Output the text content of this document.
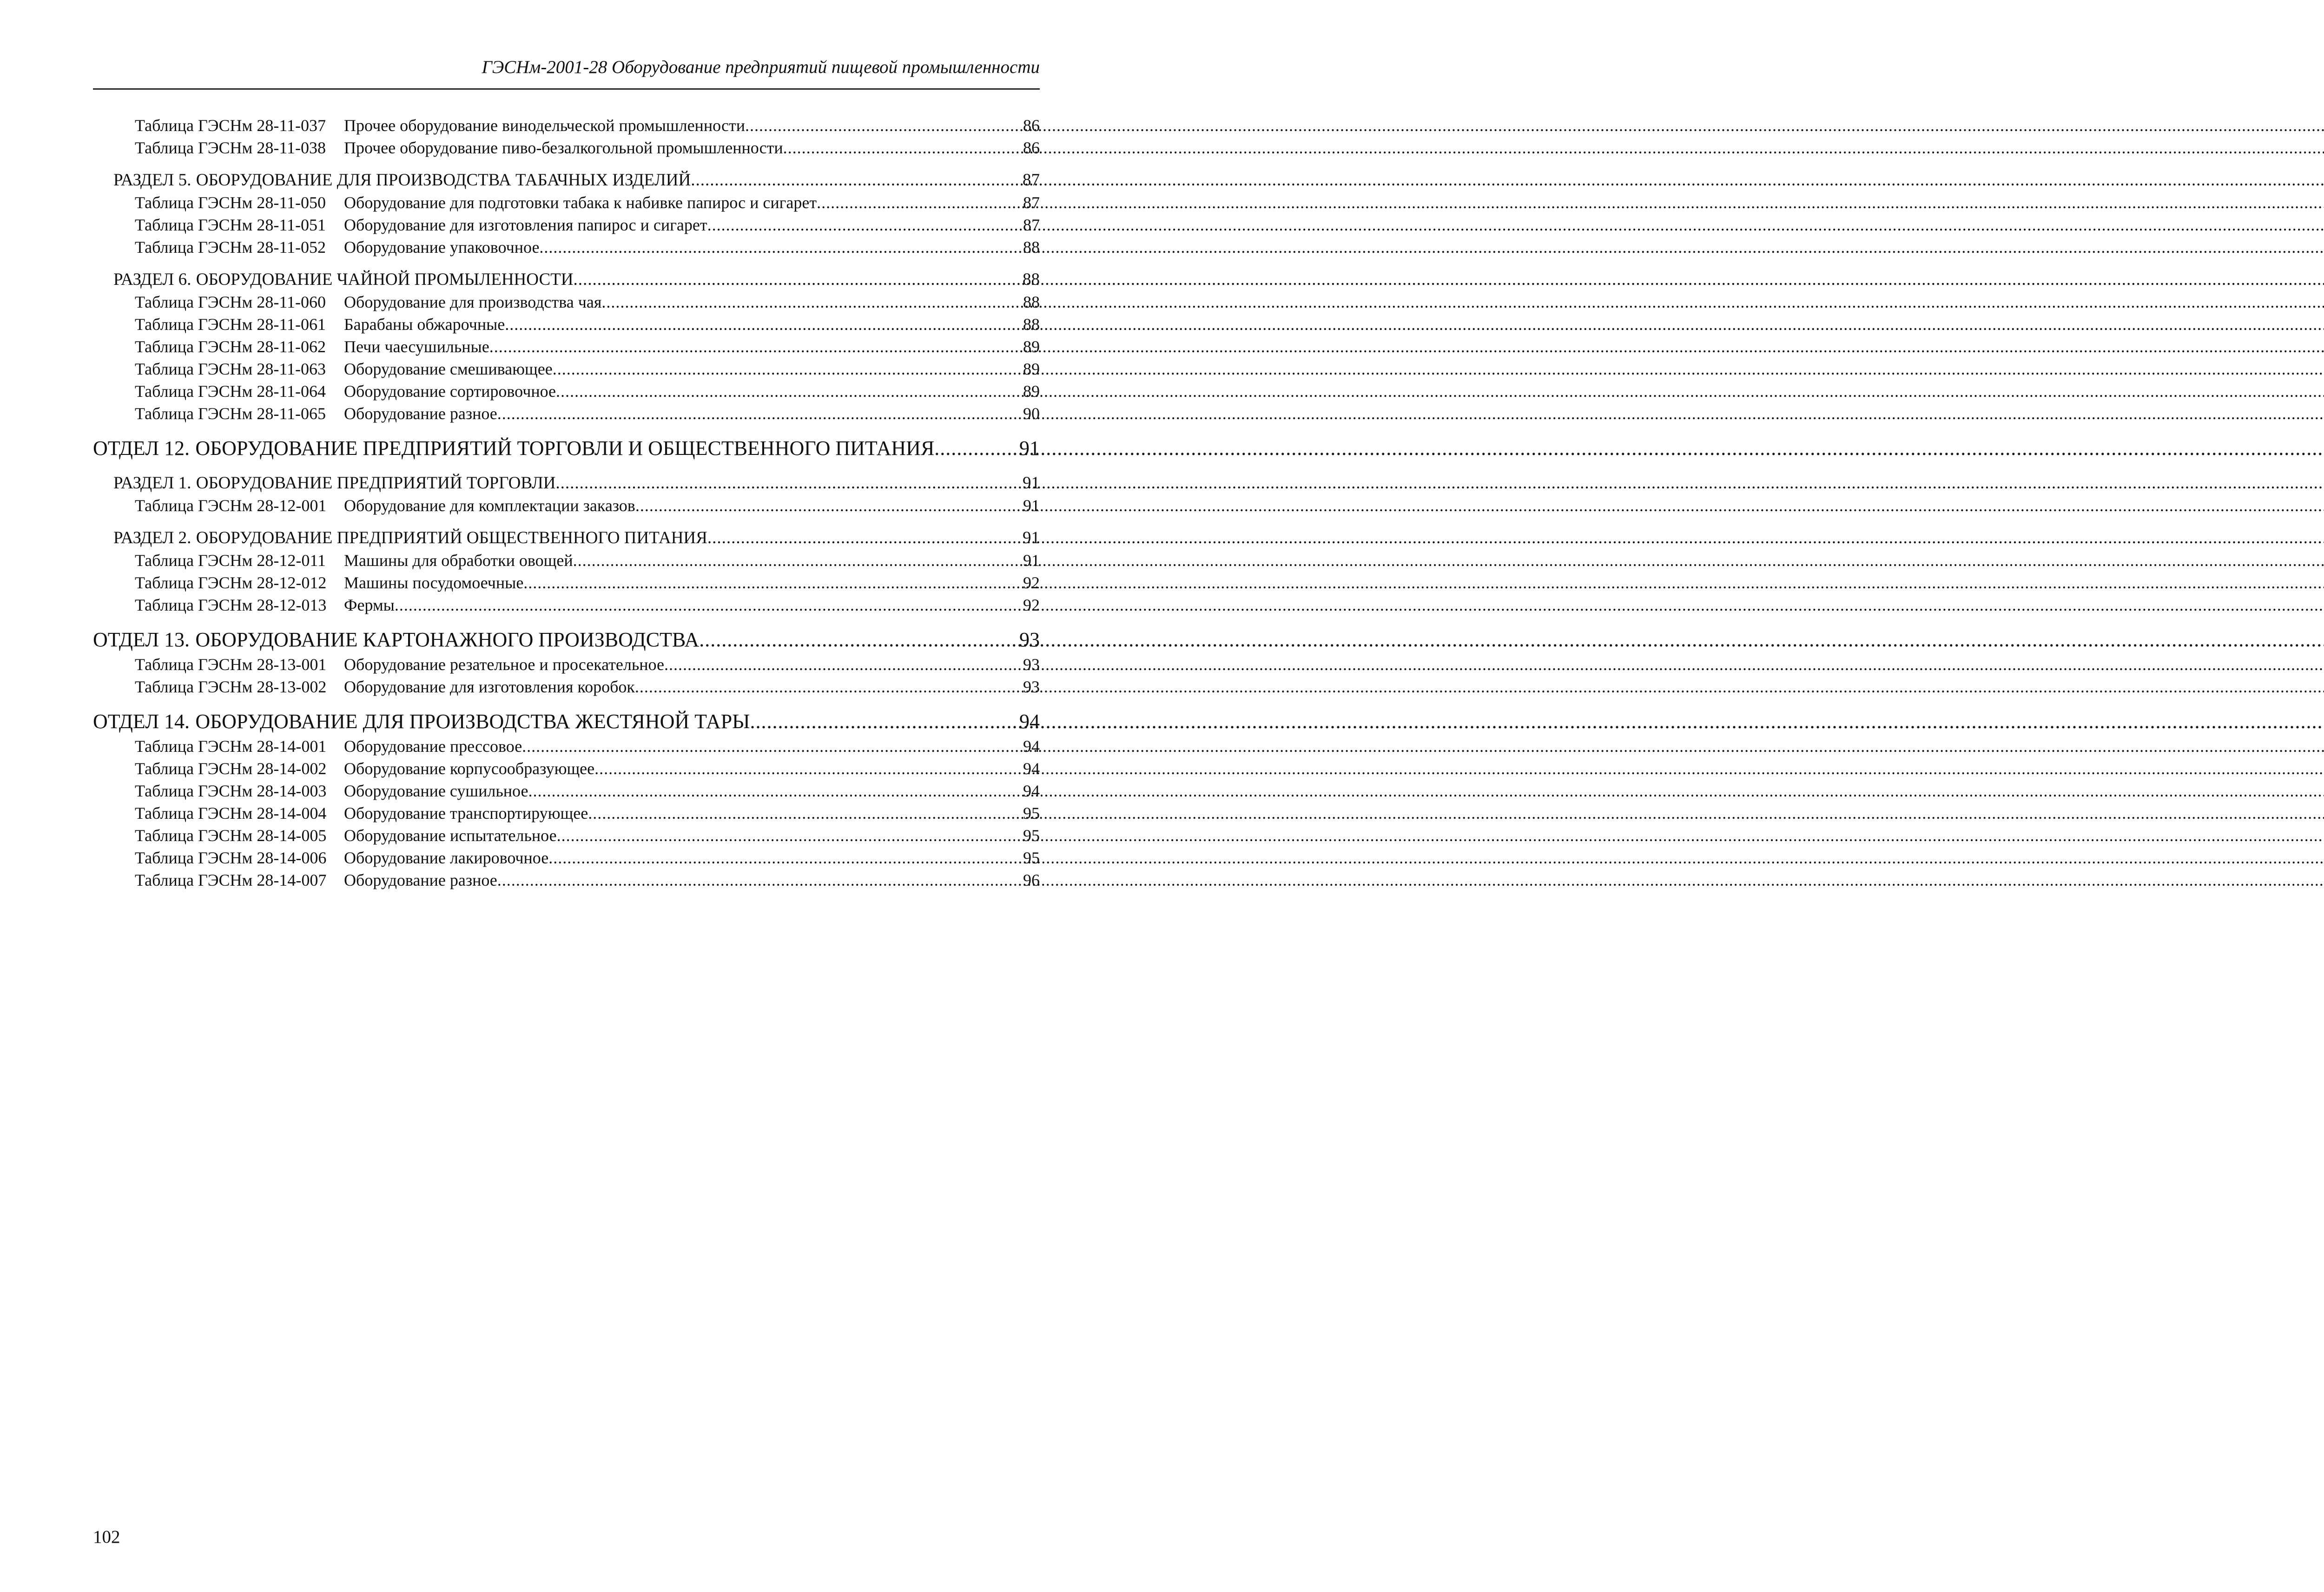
ГЭСНм-2001-28 Оборудование предприятий пищевой промышленности
Таблица ГЭСНм 28-11-037	Прочее оборудование винодельческой промышленности .....	86
Таблица ГЭСНм 28-11-038	Прочее оборудование пиво-безалкогольной промышленности .....	86
РАЗДЕЛ 5. ОБОРУДОВАНИЕ ДЛЯ ПРОИЗВОДСТВА ТАБАЧНЫХ ИЗДЕЛИЙ .....	87
Таблица ГЭСНм 28-11-050	Оборудование для подготовки табака к набивке папирос и сигарет .....	87
Таблица ГЭСНм 28-11-051	Оборудование для изготовления папирос и сигарет .....	87
Таблица ГЭСНм 28-11-052	Оборудование упаковочное .....	88
РАЗДЕЛ 6. ОБОРУДОВАНИЕ ЧАЙНОЙ ПРОМЫЛЕННОСТИ .....	88
Таблица ГЭСНм 28-11-060	Оборудование для производства чая .....	88
Таблица ГЭСНм 28-11-061	Барабаны обжарочные .....	88
Таблица ГЭСНм 28-11-062	Печи чаесушильные .....	89
Таблица ГЭСНм 28-11-063	Оборудование смешивающее .....	89
Таблица ГЭСНм 28-11-064	Оборудование сортировочное .....	89
Таблица ГЭСНм 28-11-065	Оборудование разное .....	90
ОТДЕЛ 12. ОБОРУДОВАНИЕ ПРЕДПРИЯТИЙ ТОРГОВЛИ И ОБЩЕСТВЕННОГО ПИТАНИЯ .....	91
РАЗДЕЛ 1. ОБОРУДОВАНИЕ ПРЕДПРИЯТИЙ ТОРГОВЛИ .....	91
Таблица ГЭСНм 28-12-001	Оборудование для комплектации заказов .....	91
РАЗДЕЛ 2. ОБОРУДОВАНИЕ ПРЕДПРИЯТИЙ ОБЩЕСТВЕННОГО ПИТАНИЯ .....	91
Таблица ГЭСНм 28-12-011	Машины для обработки овощей .....	91
Таблица ГЭСНм 28-12-012	Машины посудомоечные .....	92
Таблица ГЭСНм 28-12-013	Фермы .....	92
ОТДЕЛ 13. ОБОРУДОВАНИЕ КАРТОНАЖНОГО ПРОИЗВОДСТВА .....	93
Таблица ГЭСНм 28-13-001	Оборудование резательное и просекательное .....	93
Таблица ГЭСНм 28-13-002	Оборудование для изготовления коробок .....	93
ОТДЕЛ 14. ОБОРУДОВАНИЕ ДЛЯ ПРОИЗВОДСТВА ЖЕСТЯНОЙ ТАРЫ .....	94
Таблица ГЭСНм 28-14-001	Оборудование прессовое .....	94
Таблица ГЭСНм 28-14-002	Оборудование корпусообразующее .....	94
Таблица ГЭСНм 28-14-003	Оборудование сушильное .....	94
Таблица ГЭСНм 28-14-004	Оборудование транспортирующее .....	95
Таблица ГЭСНм 28-14-005	Оборудование испытательное .....	95
Таблица ГЭСНм 28-14-006	Оборудование лакировочное .....	95
Таблица ГЭСНм 28-14-007	Оборудование разное .....	96
102
